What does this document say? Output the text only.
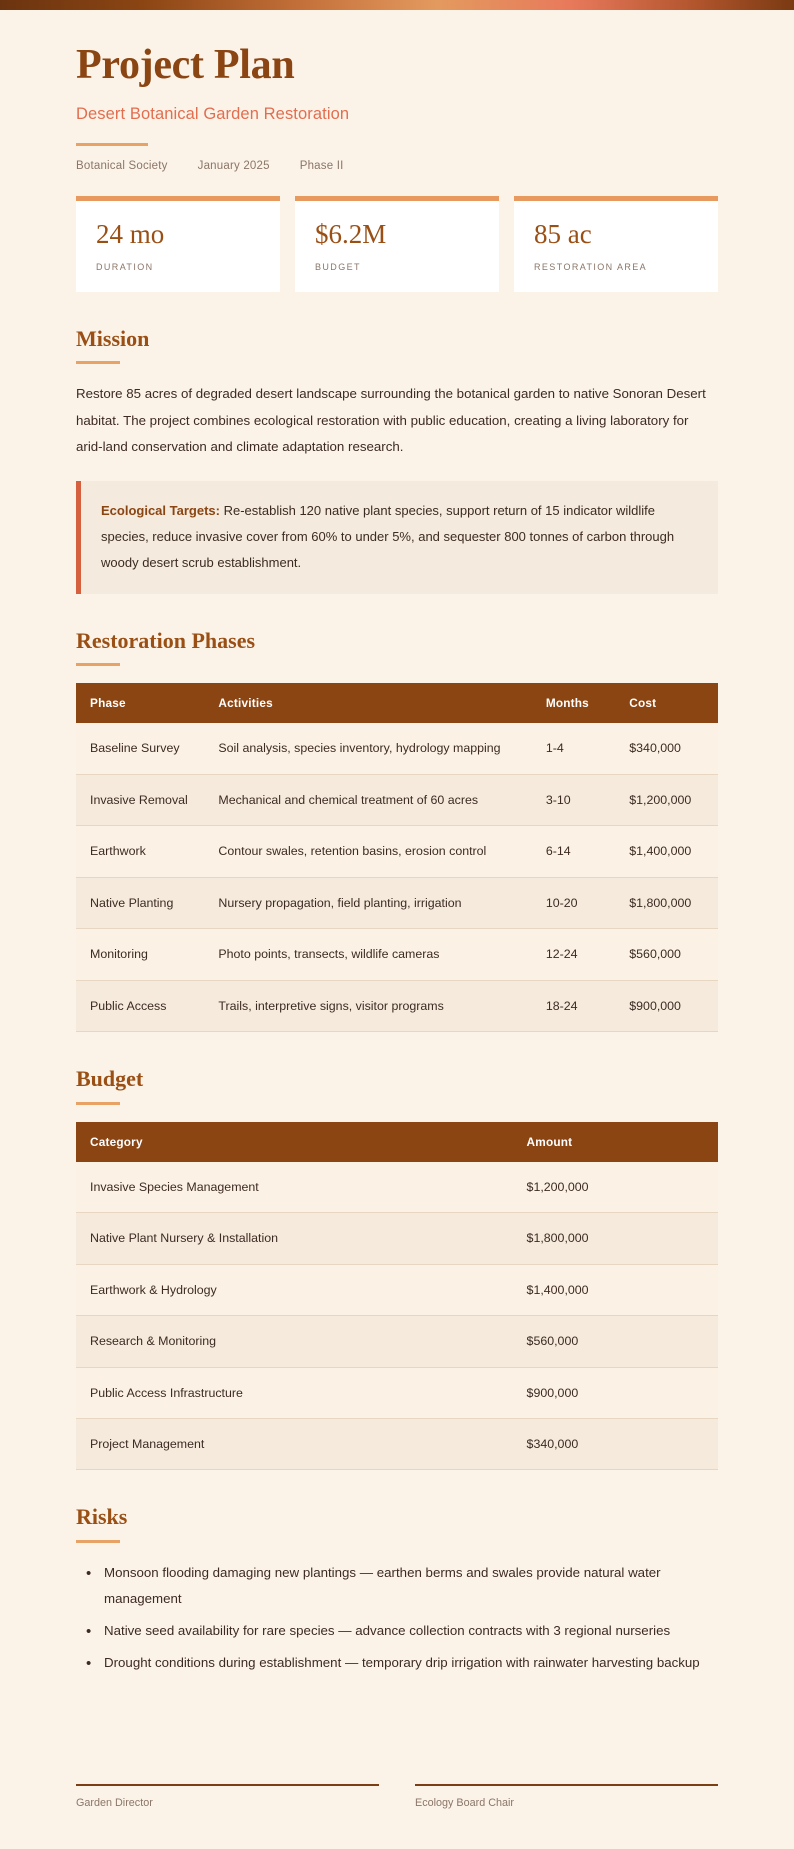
Project Plan
Desert Botanical Garden Restoration
Botanical Society	January 2025	Phase II
24 mo
DURATION
$6.2M
BUDGET
85 ac
RESTORATION AREA
Mission

Restore 85 acres of degraded desert landscape surrounding the botanical garden to native Sonoran Desert habitat. The project combines ecological restoration with public education, creating a living laboratory for arid-land conservation and climate adaptation research.

Ecological Targets: Re-establish 120 native plant species, support return of 15 indicator wildlife species, reduce invasive cover from 60% to under 5%, and sequester 800 tonnes of carbon through woody desert scrub establishment.
Restoration Phases
Phase	Activities	Months	Cost
Baseline Survey	Soil analysis, species inventory, hydrology mapping	1-4	$340,000
Invasive Removal	Mechanical and chemical treatment of 60 acres	3-10	$1,200,000
Earthwork	Contour swales, retention basins, erosion control	6-14	$1,400,000
Native Planting	Nursery propagation, field planting, irrigation	10-20	$1,800,000
Monitoring	Photo points, transects, wildlife cameras	12-24	$560,000
Public Access	Trails, interpretive signs, visitor programs	18-24	$900,000
Budget
Category	Amount
Invasive Species Management	$1,200,000
Native Plant Nursery & Installation	$1,800,000
Earthwork & Hydrology	$1,400,000
Research & Monitoring	$560,000
Public Access Infrastructure	$900,000
Project Management	$340,000
Risks
• Monsoon flooding damaging new plantings — earthen berms and swales provide natural water management
• Native seed availability for rare species — advance collection contracts with 3 regional nurseries
• Drought conditions during establishment — temporary drip irrigation with rainwater harvesting backup
Garden Director	Ecology Board Chair
